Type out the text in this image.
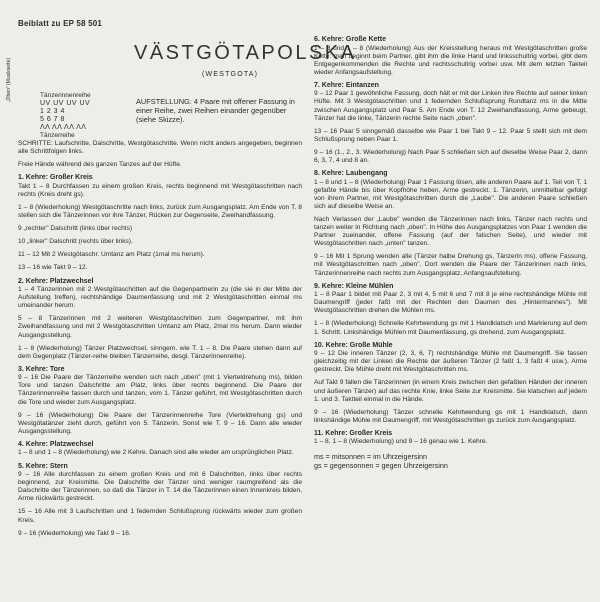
Beiblatt zu EP 58 501
VÄSTGÖTAPOLSKA
(WESTGOTA)
„Oben" (Musikseite)	Tänzerinnenreihe
UV UV UV UV
1 2 3 4
5 6 7 8
ΛΛ ΛΛ ΛΛ ΛΛ
Tänzerreihe
AUFSTELLUNG: 4 Paare mit offener Fassung in einer Reihe, zwei Reihen einander gegenüber (siehe Skizze).

SCHRITTE: Laufschritte, Dalschritte, Westgötaschritte. Wenn nicht anders angegeben, beginnen alle Schrittfolgen links.

Freie Hände während des ganzen Tanzes auf der Hüfte.

1. Kehre: Großer Kreis

Takt 1 – 8 Durchfassen zu einem großen Kreis, rechts beginnend mit Westgötaschritten nach rechts (Kreis dreht gs).

1 – 8 (Wiederholung) Westgötaschritte nach links, zurück zum Ausgangsplatz. Am Ende von T. 8 stellen sich die Tänzerinnen vor ihre Tänzer, Rücken zur Gegenseite, Zweihandfassung.

9 „rechter" Dalschritt (links über rechts)

10 „linker" Dalschritt (rechts über links).

11 – 12 Mit 2 Westgötaschr. Umtanz am Platz (1mal ms herum).

13 – 16 wie Takt 9 – 12.

2. Kehre: Platzwechsel

1 – 4 Tänzerinnen mit 2 Westgötaschritten auf die Gegenpartnerin zu (die sie in der Mitte der Aufstellung treffen), rechtshändige Daumenfassung und mit 2 Westgötaschritten einmal ms umeinander herum.

5 – 8 Tänzerinnen mit 2 weiteren Westgötaschritten zum Gegenpartner, mit ihm Zweihandfassung und mit 2 Westgötaschritten Umtanz am Platz, 2mal ms herum. Dann wieder Ausgangsstellung.

1 – 8 (Wiederholung) Tänzer Platzwechsel, sinngem. wie T. 1 – 8. Die Paare stehen dann auf dem Gegenplatz (Tänzer-reihe bleiben Tänzerreihe, desgl. Tänzerinnenreihe).

3. Kehre: Tore

9 – 16 Die Paare der Tänzerreihe wenden sich nach „oben" (mit 1 Vierteldrehung ms), bilden Tore und tanzen Dalschritte am Platz, links über rechts beginnend. Die Paare der Tänzerinnenreihe fassen durch und tanzen, vom 1. Tänzer geführt, mit Westgötaschritten durch die Tore und wieder zum Ausgangsplatz.

9 – 16 (Wiederholung) Die Paare der Tänzerinnenreihe Tore (Vierteldrehung gs) und Westgötatänzer zieht durch, geführt von 5. Tänzerin. Sonst wie T. 9 – 16. Dann alle wieder Ausgangsstellung.

4. Kehre: Platzwechsel

1 – 8 und 1 – 8 (Wiederholung) wie 2 Kehre. Danach sind alle wieder am ursprünglichen Platz.

5. Kehre: Stern

9 – 16 Alle durchfassen zu einem großen Kreis und mit 6 Dalschritten, links über rechts beginnend, zur Kreismitte. Die Dalschritte der Tänzer sind weniger raumgreifend als die Dalschritte der Tänzerinnen, so daß die Tänzer in T. 14 die Tänzerinnen einen Innenkreis bilden, Arme rückwärts gestreckt.

15 – 16 Alle mit 3 Laufschritten und 1 federnden Schlußsprung rückwärts wieder zum großen Kreis.

9 – 16 (Wiederholung) wie Takt 9 – 16.

6. Kehre: Große Kette

1 – 8 und 1 – 8 (Wiederholung) Aus der Kreisstellung heraus mit Westgötaschritten große Kette: man beginnt beim Partner, gibt ihm die linke Hand und linksschultrig vorbei, gibt dem Entgegenkommenden die Rechte und rechtsschultrig vorbei usw. Mit dem letzten Takteil wieder Anfangsaufstellung.

7. Kehre: Eintanzen

9 – 12 Paar 1 gewöhnliche Fassung, doch hält er mit der Linken ihre Rechte auf seiner linken Hüfte. Mit 3 Westgötaschritten und 1 federnden Schlußsprung Rundtanz ms in die Mitte zwischen Ausgangsplatz und Paar 5. Am Ende von T. 12 Zweihandfassung, Arme gebeugt, Tänzer hat die linke, Tänzerin rechte Seite nach „oben".

13 – 16 Paar 5 sinngemäß dasselbe wie Paar 1 bei Takt 9 – 12. Paar 5 stellt sich mit dem Schlußsprung neben Paar 1.

9 – 16 (1., 2., 3. Wiederholung) Nach Paar 5 schließen sich auf dieselbe Weise Paar 2, dann 6, 3, 7, 4 und 8 an.

8. Kehre: Laubengang

1 – 8 und 1 – 8 (Wiederholung) Paar 1 Fassung lösen, alle anderen Paare auf 1. Teil von T. 1 gefaßte Hände bis über Kopfhöhe heben, Arme gestreckt. 1. Tänzerin, unmittelbar gefolgt von ihrem Partner, mit Westgötaschritten durch die „Laube". Die anderen Paare schließen sich auf dieselbe Weise an.

Nach Verlassen der „Laube" wenden die Tänzerinnen nach links, Tänzer nach rechts und tanzen weiter in Richtung nach „oben". In Höhe des Ausgangsplatzes von Paar 1 wenden die Partner zueinander, offene Fassung (auf der falschen Seite), und wieder mit Westgötaschritten nach „unten" tanzen.

9 – 16 Mit 1 Sprung wenden alle (Tänzer halbe Drehung gs, Tänzerin ms), offene Fassung, mit Westgötaschritten nach „oben". Dort wenden die Paare der Tänzerinnen nach links, Tänzerinnenreihe nach rechts zum Ausgangsplatz, Anfangsaufstellung.

9. Kehre: Kleine Mühlen

1 – 8 Paar 1 bildet mit Paar 2, 3 mit 4, 5 mit 6 und 7 mit 8 je eine rechtshändige Mühle mit Daumengriff (jeder faßt mit der Rechten den Daumen des „Hintermannes"). Mit Westgötaschritten drehen die Mühlen ms.

1 – 8 (Wiederholung) Schnelle Kehrtwendung gs mit 1 Handklatsch und Markierung auf dem 1. Schritt. Linkshändige Mühlen mit Daumenfassung, gs drehend, zum Ausgangsplatz.

10. Kehre: Große Mühle

9 – 12 Die inneren Tänzer (2, 3, 6, 7) rechtshändige Mühle mit Daumengriff. Sie fassen gleichzeitig mit der Linken die Rechte der äußeren Tänzer (2 faßt 1, 3 faßt 4 usw.), Arme gestreckt. Die Mühle dreht mit Westgötaschritten ms.

Auf Takt 9 fallen die Tänzerinnen (in einem Kreis zwischen den gefaßten Händen der inneren und äußeren Tänzer) auf das rechte Knie, linke Seite zur Kreismitte. Sie klatschen auf jedem 1. und 3. Taktteil einmal in die Hände.

9 – 16 (Wiederholung) Tänzer schnelle Kehrtwendung gs mit 1 Handklatsch, dann linkshändige Mühle mit Daumengriff, mit Westgötaschritten gs zurück zum Ausgangsplatz.

11. Kehre: Großer Kreis

1 – 8, 1 – 8 (Wiederholung) und 9 – 16 genau wie 1. Kehre.

ms = mitsonnen = im Uhrzeigersinn
gs = gegensonnen = gegen Uhrzeigersinn
